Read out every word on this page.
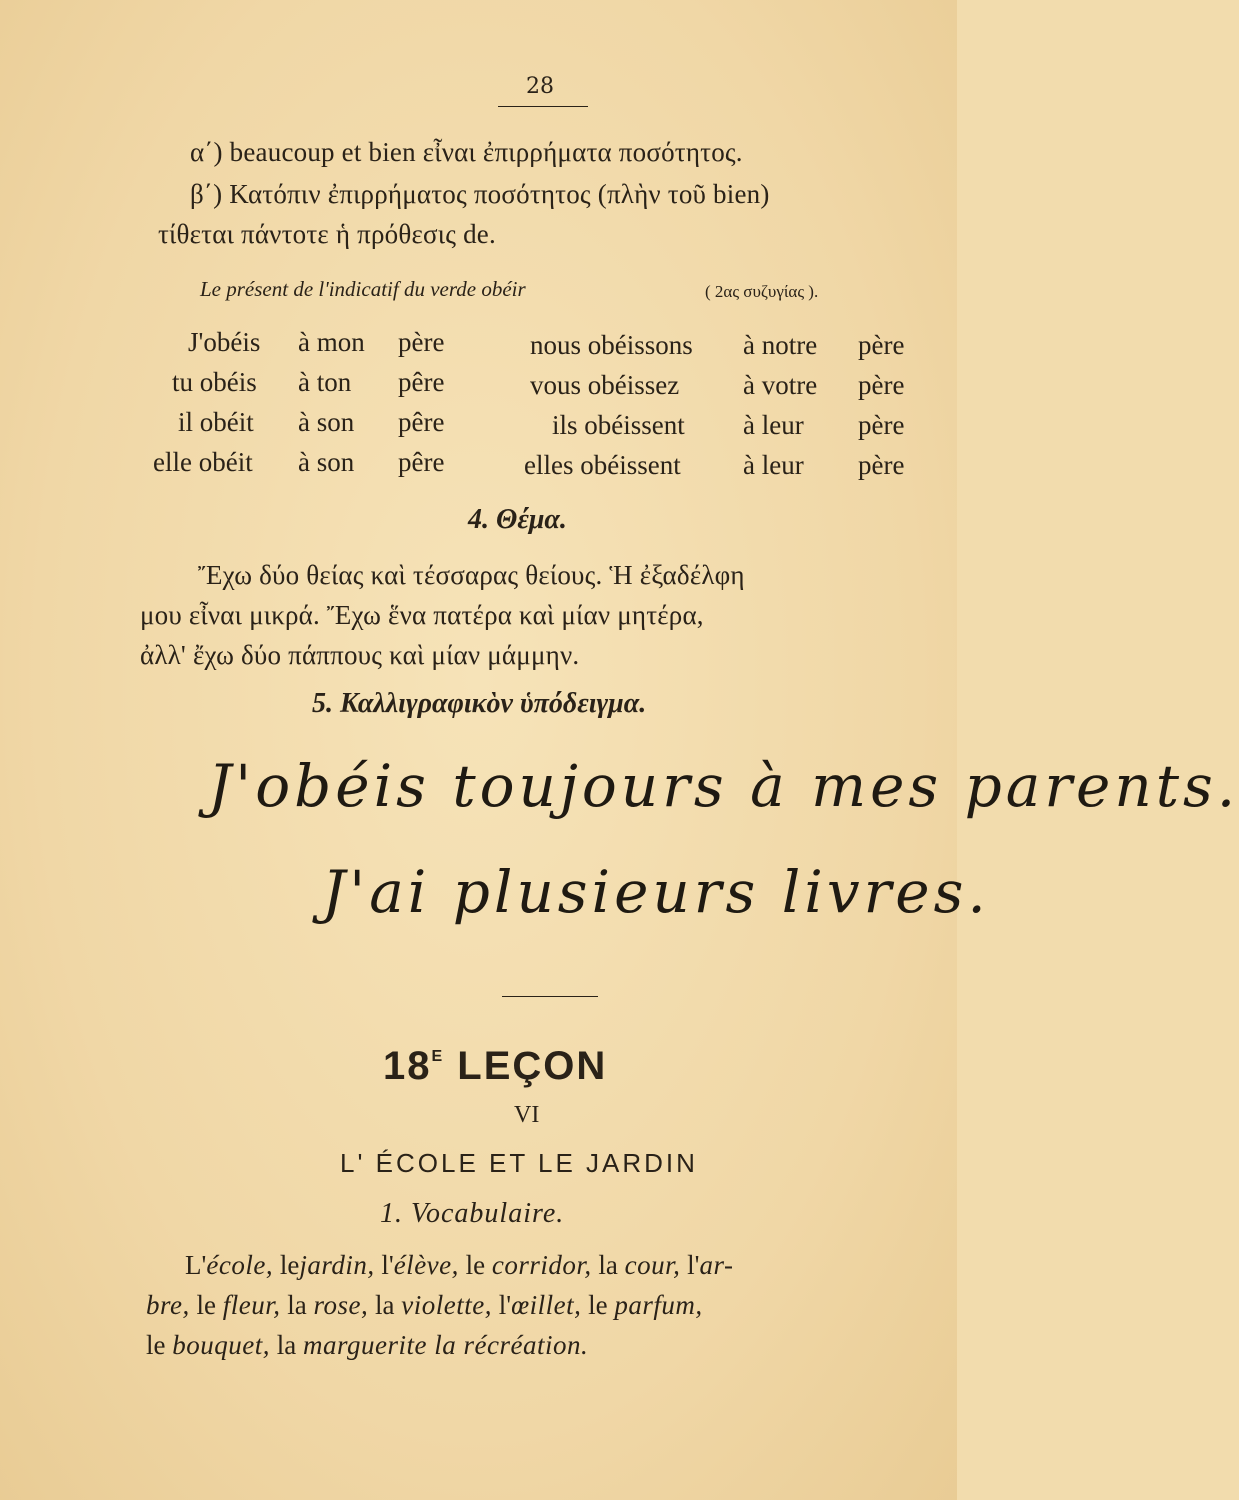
28
α΄) beaucoup et bien εἶναι ἐπιρρήματα ποσότητος.
β΄) Κατόπιν ἐπιρρήματος ποσότητος (πλὴν τοῦ bien)
τίθεται πάντοτε ἡ πρόθεσις de.
Le présent de l'indicatif du verde obéir	( 2ας συζυγίας ).
J'obéis à mon père
tu obéis à ton pêre
il obéit à son pêre
elle obéit à son pêre
nous obéissons à notre père
vous obéissez à votre père
ils obéissent à leur père
elles obéissent à leur père
4. Θέμα.
Ἔχω δύο θείας καὶ τέσσαρας θείους. Ἡ ἐξαδέλφη
μου εἶναι μικρά. Ἔχω ἕνα πατέρα καὶ μίαν μητέρα,
ἀλλ' ἔχω δύο πάππους καὶ μίαν μάμμην.
5. Καλλιγραφικὸν ὑπόδειγμα.
J'obéis toujours à mes parents.
J'ai plusieurs livres.
$18^E$ LEÇON
VI
L' ÉCOLE ET LE JARDIN
1. Vocabulaire.
L'école, lejardin, l'élève, le corridor, la cour, l'ar-
bre, le fleur, la rose, la violette, l'œillet, le parfum,
le bouquet, la marguerite la récréation.
